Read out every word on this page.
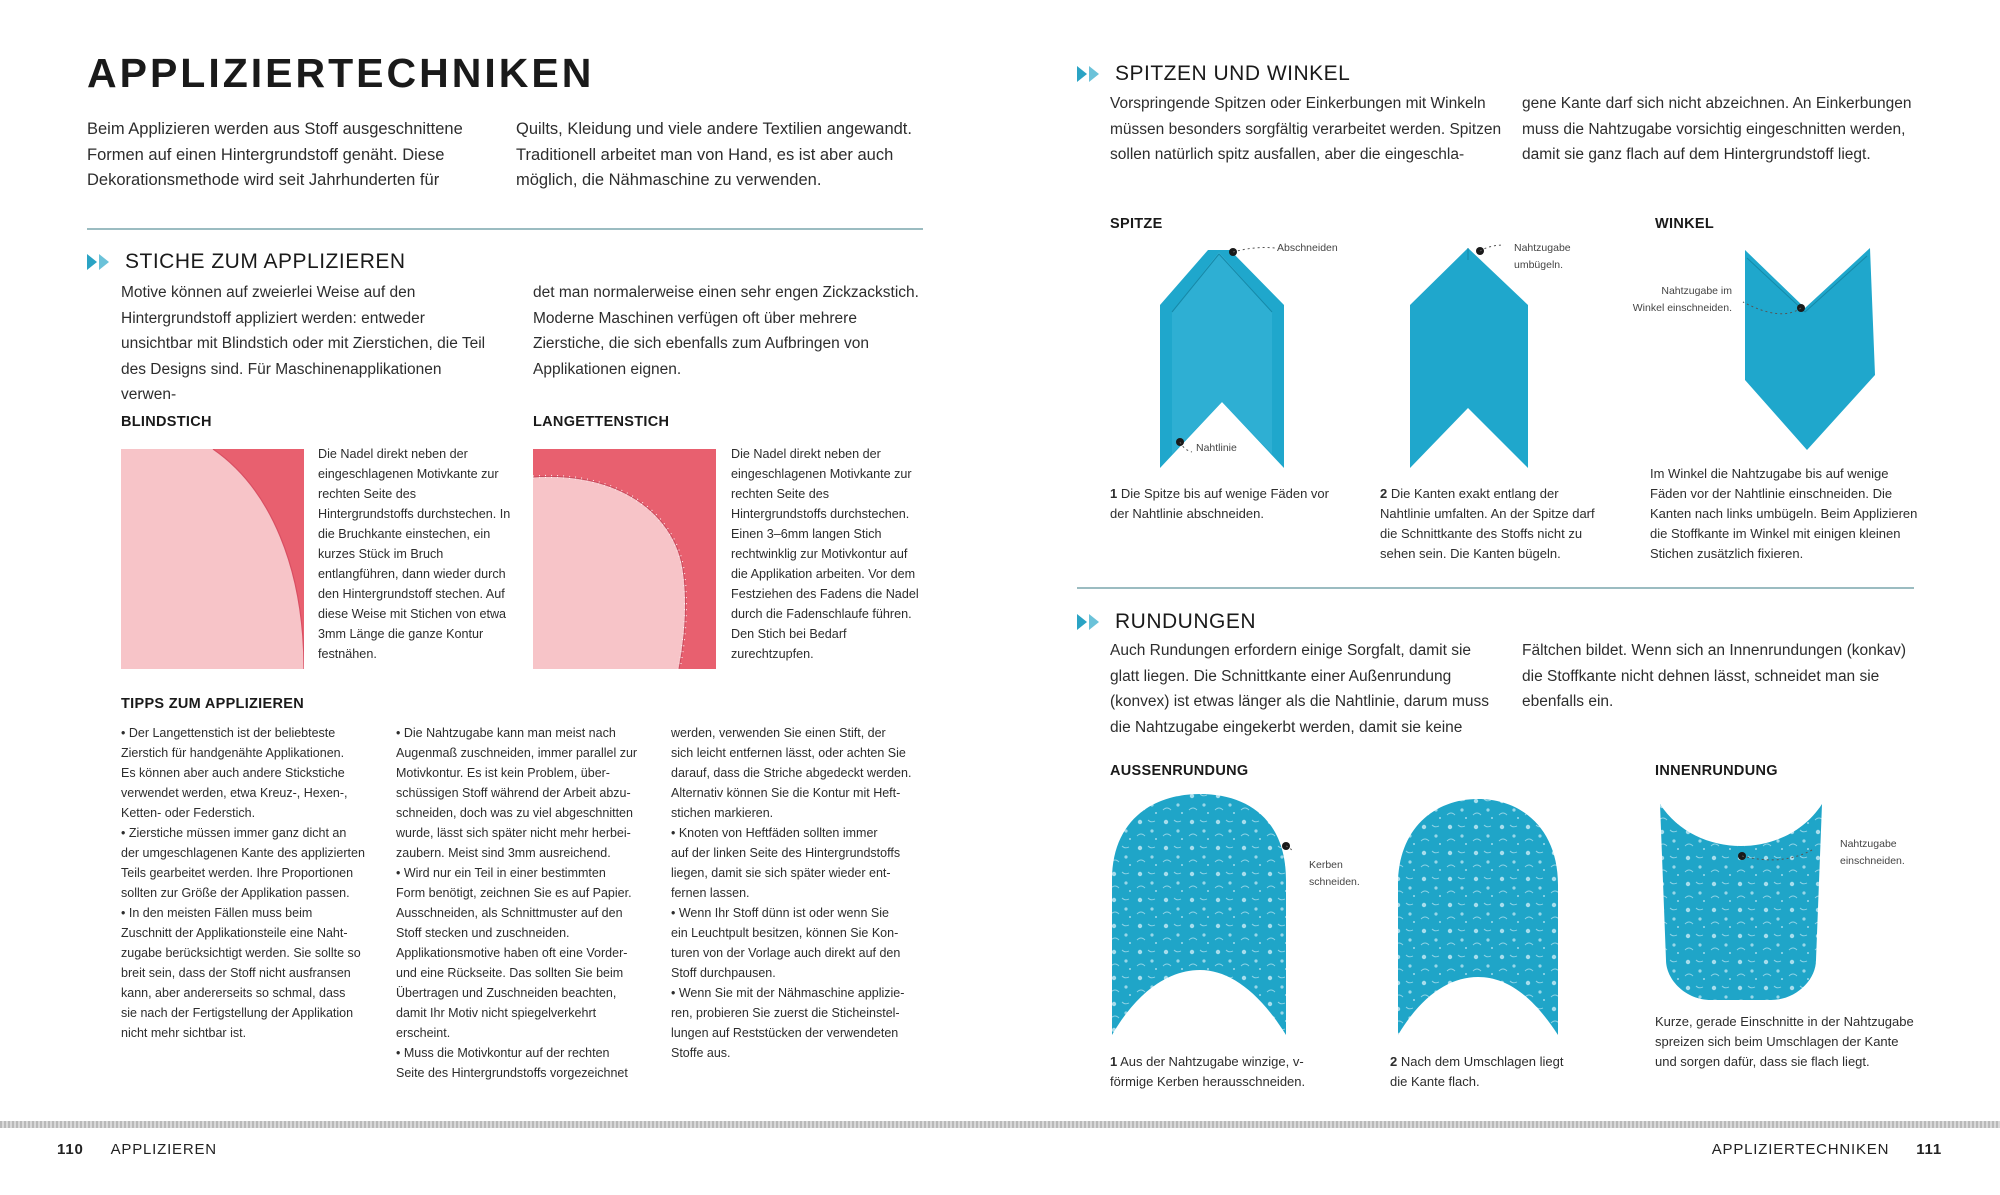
APPLIZIERTECHNIKEN
Beim Applizieren werden aus Stoff ausgeschnittene Formen auf einen Hintergrundstoff genäht. Diese Dekorationsmethode wird seit Jahrhunderten für
Quilts, Kleidung und viele andere Textilien angewandt. Traditionell arbeitet man von Hand, es ist aber auch möglich, die Nähmaschine zu verwenden.
STICHE ZUM APPLIZIEREN
Motive können auf zweierlei Weise auf den Hintergrundstoff appliziert werden: entweder unsichtbar mit Blindstich oder mit Zierstichen, die Teil des Designs sind. Für Maschinenapplikationen verwen-
det man normalerweise einen sehr engen Zickzackstich. Moderne Maschinen verfügen oft über mehrere Zierstiche, die sich ebenfalls zum Aufbringen von Applikationen eignen.
BLINDSTICH
Die Nadel direkt neben der eingeschlagenen Motivkante zur rechten Seite des Hintergrundstoffs durchstechen. In die Bruchkante einstechen, ein kurzes Stück im Bruch entlangführen, dann wieder durch den Hintergrundstoff stechen. Auf diese Weise mit Stichen von etwa 3mm Länge die ganze Kontur festnähen.
LANGETTENSTICH
Die Nadel direkt neben der eingeschlagenen Motivkante zur rechten Seite des Hintergrundstoffs durchstechen. Einen 3–6mm langen Stich rechtwinklig zur Motivkontur auf die Applikation arbeiten. Vor dem Festziehen des Fadens die Nadel durch die Fadenschlaufe führen. Den Stich bei Bedarf zurechtzupfen.
TIPPS ZUM APPLIZIEREN
• Der Langettenstich ist der beliebteste
Zierstich für handgenähte Applikationen.
Es können aber auch andere Stickstiche
verwendet werden, etwa Kreuz-, Hexen-,
Ketten- oder Federstich.
• Zierstiche müssen immer ganz dicht an
der umgeschlagenen Kante des applizierten
Teils gearbeitet werden. Ihre Proportionen
sollten zur Größe der Applikation passen.
• In den meisten Fällen muss beim
Zuschnitt der Applikationsteile eine Naht-
zugabe berücksichtigt werden. Sie sollte so
breit sein, dass der Stoff nicht ausfransen
kann, aber andererseits so schmal, dass
sie nach der Fertigstellung der Applikation
nicht mehr sichtbar ist.
• Die Nahtzugabe kann man meist nach
Augenmaß zuschneiden, immer parallel zur
Motivkontur. Es ist kein Problem, über-
schüssigen Stoff während der Arbeit abzu-
schneiden, doch was zu viel abgeschnitten
wurde, lässt sich später nicht mehr herbei-
zaubern. Meist sind 3mm ausreichend.
• Wird nur ein Teil in einer bestimmten
Form benötigt, zeichnen Sie es auf Papier.
Ausschneiden, als Schnittmuster auf den
Stoff stecken und zuschneiden.
Applikationsmotive haben oft eine Vorder-
und eine Rückseite. Das sollten Sie beim
Übertragen und Zuschneiden beachten,
damit Ihr Motiv nicht spiegelverkehrt
erscheint.
• Muss die Motivkontur auf der rechten
Seite des Hintergrundstoffs vorgezeichnet
werden, verwenden Sie einen Stift, der
sich leicht entfernen lässt, oder achten Sie
darauf, dass die Striche abgedeckt werden.
Alternativ können Sie die Kontur mit Heft-
stichen markieren.
• Knoten von Heftfäden sollten immer
auf der linken Seite des Hintergrundstoffs
liegen, damit sie sich später wieder ent-
fernen lassen.
• Wenn Ihr Stoff dünn ist oder wenn Sie
ein Leuchtpult besitzen, können Sie Kon-
turen von der Vorlage auch direkt auf den
Stoff durchpausen.
• Wenn Sie mit der Nähmaschine applizie-
ren, probieren Sie zuerst die Sticheinstel-
lungen auf Reststücken der verwendeten
Stoffe aus.
SPITZEN UND WINKEL
Vorspringende Spitzen oder Einkerbungen mit Winkeln müssen besonders sorgfältig verarbeitet werden. Spitzen sollen natürlich spitz ausfallen, aber die eingeschla-
gene Kante darf sich nicht abzeichnen. An Einkerbungen muss die Nahtzugabe vorsichtig eingeschnitten werden, damit sie ganz flach auf dem Hintergrundstoff liegt.
SPITZE	WINKEL
Abschneiden
Nahtlinie
Nahtzugabe
umbügeln.
Nahtzugabe im
Winkel einschneiden.
1 Die Spitze bis auf wenige Fäden vor der Nahtlinie abschneiden.
2 Die Kanten exakt entlang der Nahtlinie umfalten. An der Spitze darf die Schnittkante des Stoffs nicht zu sehen sein. Die Kanten bügeln.
Im Winkel die Nahtzugabe bis auf wenige Fäden vor der Nahtlinie einschneiden. Die Kanten nach links umbügeln. Beim Applizieren die Stoffkante im Winkel mit einigen kleinen Stichen zusätzlich fixieren.
RUNDUNGEN
Auch Rundungen erfordern einige Sorgfalt, damit sie glatt liegen. Die Schnittkante einer Außenrundung (konvex) ist etwas länger als die Nahtlinie, darum muss die Nahtzugabe eingekerbt werden, damit sie keine
Fältchen bildet. Wenn sich an Innenrundungen (konkav) die Stoffkante nicht dehnen lässt, schneidet man sie ebenfalls ein.
AUSSENRUNDUNG	INNENRUNDUNG
Kerben
schneiden.
Nahtzugabe
einschneiden.
1 Aus der Nahtzugabe winzige, v-förmige Kerben herausschneiden.
2 Nach dem Umschlagen liegt die Kante flach.
Kurze, gerade Einschnitte in der Nahtzugabe spreizen sich beim Umschlagen der Kante und sorgen dafür, dass sie flach liegt.
110 APPLIZIEREN	APPLIZIERTECHNIKEN 111
